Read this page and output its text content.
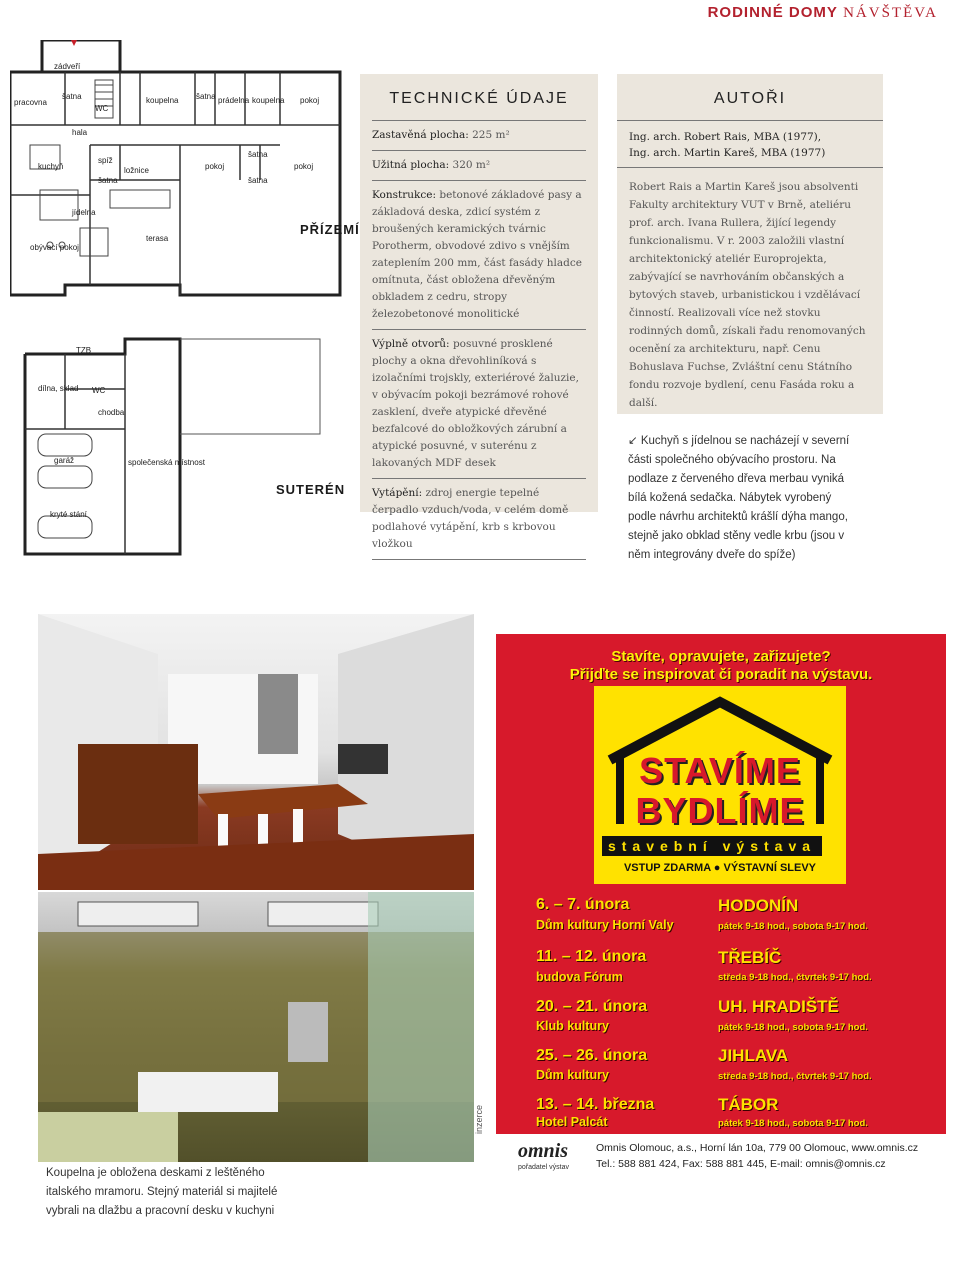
RODINNÉ DOMY NÁVŠTĚVA
zádveří
pracovna
šatna
WC
koupelna šatna prádelna koupelna pokoj
hala
kuchyň
spíž
šatna
ložnice	pokoj
šatna
šatna
pokoj
jídelna
obývací pokoj
terasa
PŘÍZEMÍ
TZB
dílna, sklad WC
chodba
garáž	společenská místnost
kryté stání
SUTERÉN
TECHNICKÉ ÚDAJE
Zastavěná plocha: 225 m²
Užitná plocha: 320 m²
Konstrukce: betonové základové pasy a základová deska, zdicí systém z broušených keramických tvárnic Porotherm, obvodové zdivo s vnějším zateplením 200 mm, část fasády hladce omítnuta, část obložena dřevěným obkladem z cedru, stropy železobetonové monolitické
Výplně otvorů: posuvné prosklené plochy a okna dřevohliníková s izolačními trojskly, exteriérové žaluzie, v obývacím pokoji bezrámové rohové zasklení, dveře atypické dřevěné bezfalcové do obložkových zárubní a atypické posuvné, v suterénu z lakovaných MDF desek
Vytápění: zdroj energie tepelné čerpadlo vzduch/voda, v celém domě podlahové vytápění, krb s krbovou vložkou
AUTOŘI
Ing. arch. Robert Rais, MBA (1977),
Ing. arch. Martin Kareš, MBA (1977)
Robert Rais a Martin Kareš jsou absolventi Fakulty architektury VUT v Brně, ateliéru prof. arch. Ivana Rullera, žijící legendy funkcionalismu. V r. 2003 založili vlastní architektonický ateliér Europrojekta, zabývající se navrhováním občanských a bytových staveb, urbanistickou i vzdělávací činností. Realizovali více než stovku rodinných domů, získali řadu renomovaných ocenění za architekturu, např. Cenu Bohuslava Fuchse, Zvláštní cenu Státního fondu rozvoje bydlení, cenu Fasáda roku a další.
↙ Kuchyň s jídelnou se nacházejí v severní části společného obývacího prostoru. Na podlaze z červeného dřeva merbau vyniká bílá kožená sedačka. Nábytek vyrobený podle návrhu architektů krášlí dýha mango, stejně jako obklad stěny vedle krbu (jsou v něm integrovány dveře do spíže)
Koupelna je obložena deskami z leštěného italského mramoru. Stejný materiál si majitelé vybrali na dlažbu a pracovní desku v kuchyni
inzerce
Stavíte, opravujete, zařizujete?
Přijďte se inspirovat či poradit na výstavu.
STAVÍME
BYDLÍME
stavební výstava
VSTUP ZDARMA ● VÝSTAVNÍ SLEVY
6. – 7. února
Dům kultury Horní Valy
HODONÍN
pátek 9-18 hod., sobota 9-17 hod.
11. – 12. února
budova Fórum
TŘEBÍČ
středa 9-18 hod., čtvrtek 9-17 hod.
20. – 21. února
Klub kultury
UH. HRADIŠTĚ
pátek 9-18 hod., sobota 9-17 hod.
25. – 26. února
Dům kultury
JIHLAVA
středa 9-18 hod., čtvrtek 9-17 hod.
13. – 14. března
Hotel Palcát
TÁBOR
pátek 9-18 hod., sobota 9-17 hod.
omnis
pořadatel výstav
Omnis Olomouc, a.s., Horní lán 10a, 779 00 Olomouc, www.omnis.cz
Tel.: 588 881 424, Fax: 588 881 445, E-mail: omnis@omnis.cz
